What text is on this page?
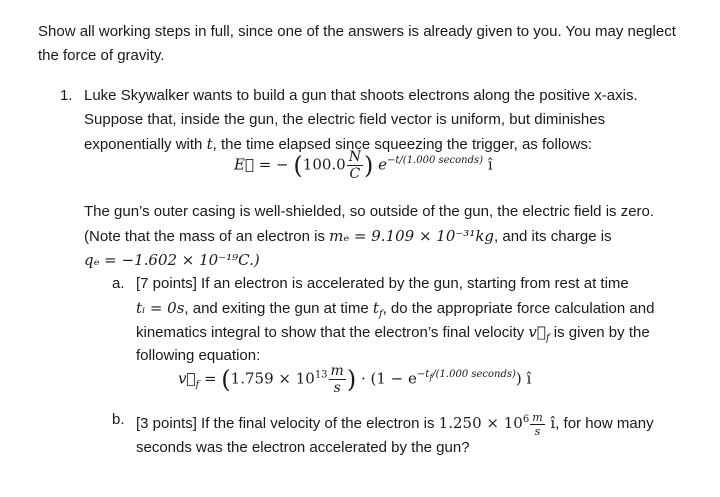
Show all working steps in full, since one of the answers is already given to you. You may neglect
the force of gravity.
1. Luke Skywalker wants to build a gun that shoots electrons along the positive x-axis.
Suppose that, inside the gun, the electric field vector is uniform, but diminishes
exponentially with t, the time elapsed since squeezing the trigger, as follows:
E⃗ = − ($100.0 \frac{N}{C}$ ) $e^{-t/(1.000 seconds)}$ î
The gun’s outer casing is well-shielded, so outside of the gun, the electric field is zero.
(Note that the mass of an electron is mₑ = 9.109 × 10⁻³¹kg, and its charge is
qₑ = −1.602 × 10⁻¹⁹C.)
a. [7 points] If an electron is accelerated by the gun, starting from rest at time
tᵢ = 0s, and exiting the gun at time $t_f$, do the appropriate force calculation and
kinematics integral to show that the electron’s final velocity $v⃗_f$ is given by the
following equation:
$v⃗_f = (1.759 \times 10^{13} \frac{m}{s}$ ) · $(1 - e^{-t_f/(1.000 seconds)})$ î
b. [3 points] If the final velocity of the electron is $1.250 \times 10^6 \frac{m}{s}$ î, for how many
seconds was the electron accelerated by the gun?
